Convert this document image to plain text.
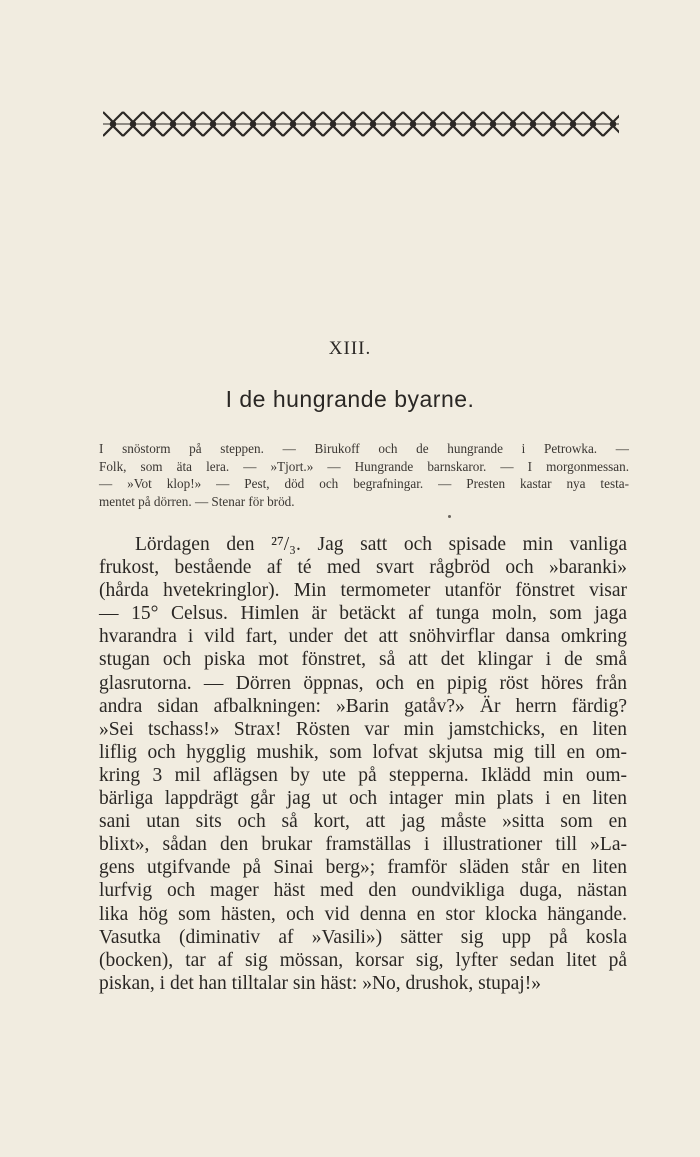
XIII.
I de hungrande byarne.
I snöstorm på steppen. — Birukoff och de hungrande i Petrowka. —
Folk, som äta lera. — »Tjort.» — Hungrande barnskaror. — I morgonmessan.
— »Vot klop!» — Pest, död och begrafningar. — Presten kastar nya testa-
mentet på dörren. — Stenar för bröd.
Lördagen den ²⁷/₃. Jag satt och spisade min vanliga
frukost, bestående af té med svart rågbröd och »baranki»
(hårda hvetekringlor). Min termometer utanför fönstret visar
— 15° Celsus. Himlen är betäckt af tunga moln, som jaga
hvarandra i vild fart, under det att snöhvirflar dansa omkring
stugan och piska mot fönstret, så att det klingar i de små
glasrutorna. — Dörren öppnas, och en pipig röst höres från
andra sidan afbalkningen: »Barin gatåv?» Är herrn färdig?
»Sei tschass!» Strax! Rösten var min jamstchicks, en liten
liflig och hygglig mushik, som lofvat skjutsa mig till en om-
kring 3 mil aflägsen by ute på stepperna. Iklädd min oum-
bärliga lappdrägt går jag ut och intager min plats i en liten
sani utan sits och så kort, att jag måste »sitta som en
blixt», sådan den brukar framställas i illustrationer till »La-
gens utgifvande på Sinai berg»; framför släden står en liten
lurfvig och mager häst med den oundvikliga duga, nästan
lika hög som hästen, och vid denna en stor klocka hängande.
Vasutka (diminativ af »Vasili») sätter sig upp på kosla
(bocken), tar af sig mössan, korsar sig, lyfter sedan litet på
piskan, i det han tilltalar sin häst: »No, drushok, stupaj!»
